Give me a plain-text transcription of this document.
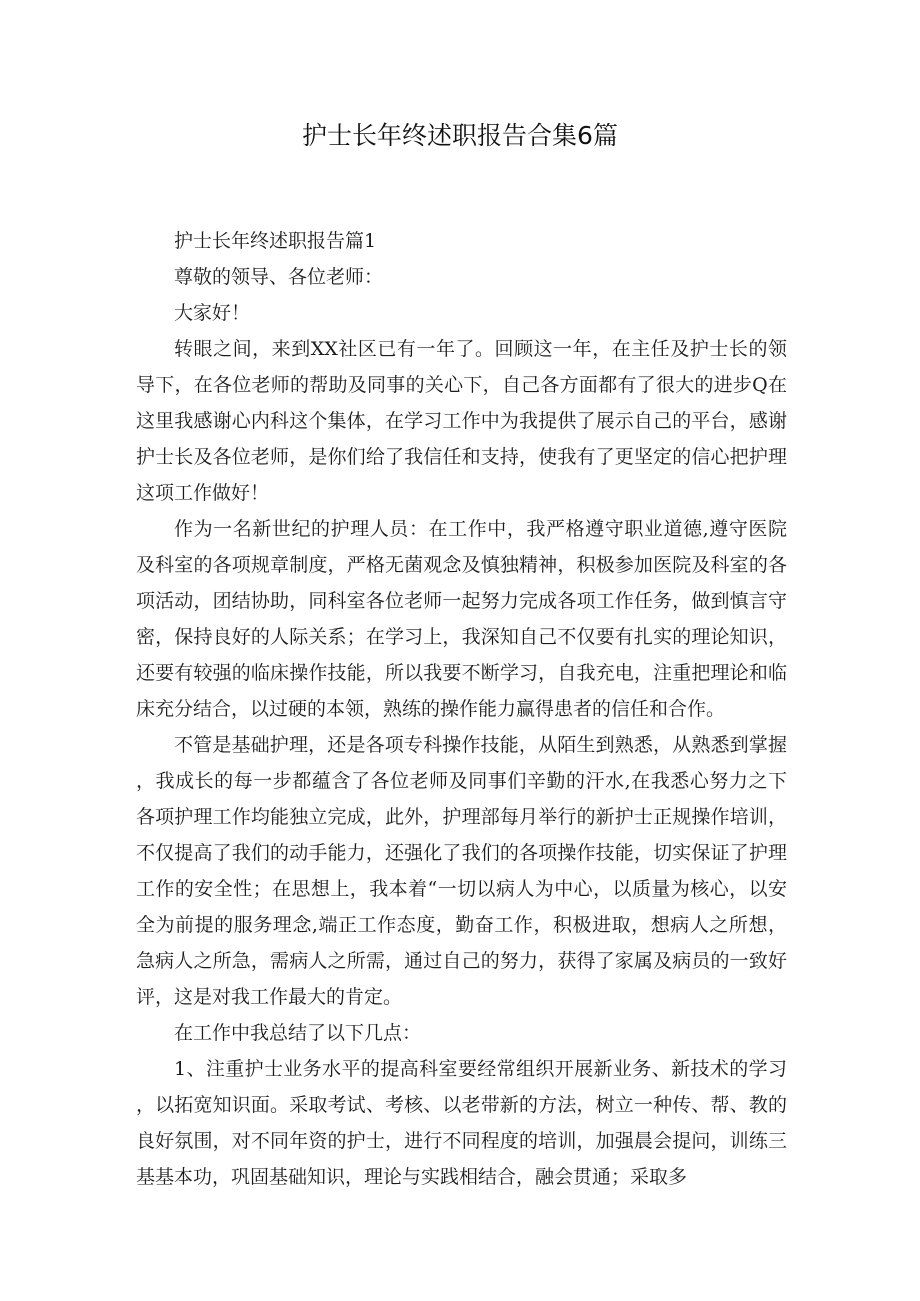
护士长年终述职报告合集6篇

护士长年终述职报告篇1

尊敬的领导、各位老师：

大家好！

转眼之间，来到XX社区已有一年了。回顾这一年，在主任及护士长的领导下，在各位老师的帮助及同事的关心下，自己各方面都有了很大的进步Q在这里我感谢心内科这个集体，在学习工作中为我提供了展示自己的平台，感谢护士长及各位老师，是你们给了我信任和支持，使我有了更坚定的信心把护理这项工作做好！

作为一名新世纪的护理人员：在工作中，我严格遵守职业道德,遵守医院及科室的各项规章制度，严格无菌观念及慎独精神，积极参加医院及科室的各项活动，团结协助，同科室各位老师一起努力完成各项工作任务，做到慎言守密，保持良好的人际关系；在学习上，我深知自己不仅要有扎实的理论知识，还要有较强的临床操作技能，所以我要不断学习，自我充电，注重把理论和临床充分结合，以过硬的本领，熟练的操作能力赢得患者的信任和合作。

不管是基础护理，还是各项专科操作技能，从陌生到熟悉，从熟悉到掌握，我成长的每一步都蕴含了各位老师及同事们辛勤的汗水,在我悉心努力之下各项护理工作均能独立完成，此外，护理部每月举行的新护士正规操作培训，不仅提高了我们的动手能力，还强化了我们的各项操作技能，切实保证了护理工作的安全性；在思想上，我本着“一切以病人为中心，以质量为核心，以安全为前提的服务理念,端正工作态度，勤奋工作，积极进取，想病人之所想，急病人之所急，需病人之所需，通过自己的努力，获得了家属及病员的一致好评，这是对我工作最大的肯定。

在工作中我总结了以下几点：

1、注重护士业务水平的提高科室要经常组织开展新业务、新技术的学习，以拓宽知识面。采取考试、考核、以老带新的方法，树立一种传、帮、教的良好氛围，对不同年资的护士，进行不同程度的培训，加强晨会提问，训练三基基本功，巩固基础知识，理论与实践相结合，融会贯通；采取多
